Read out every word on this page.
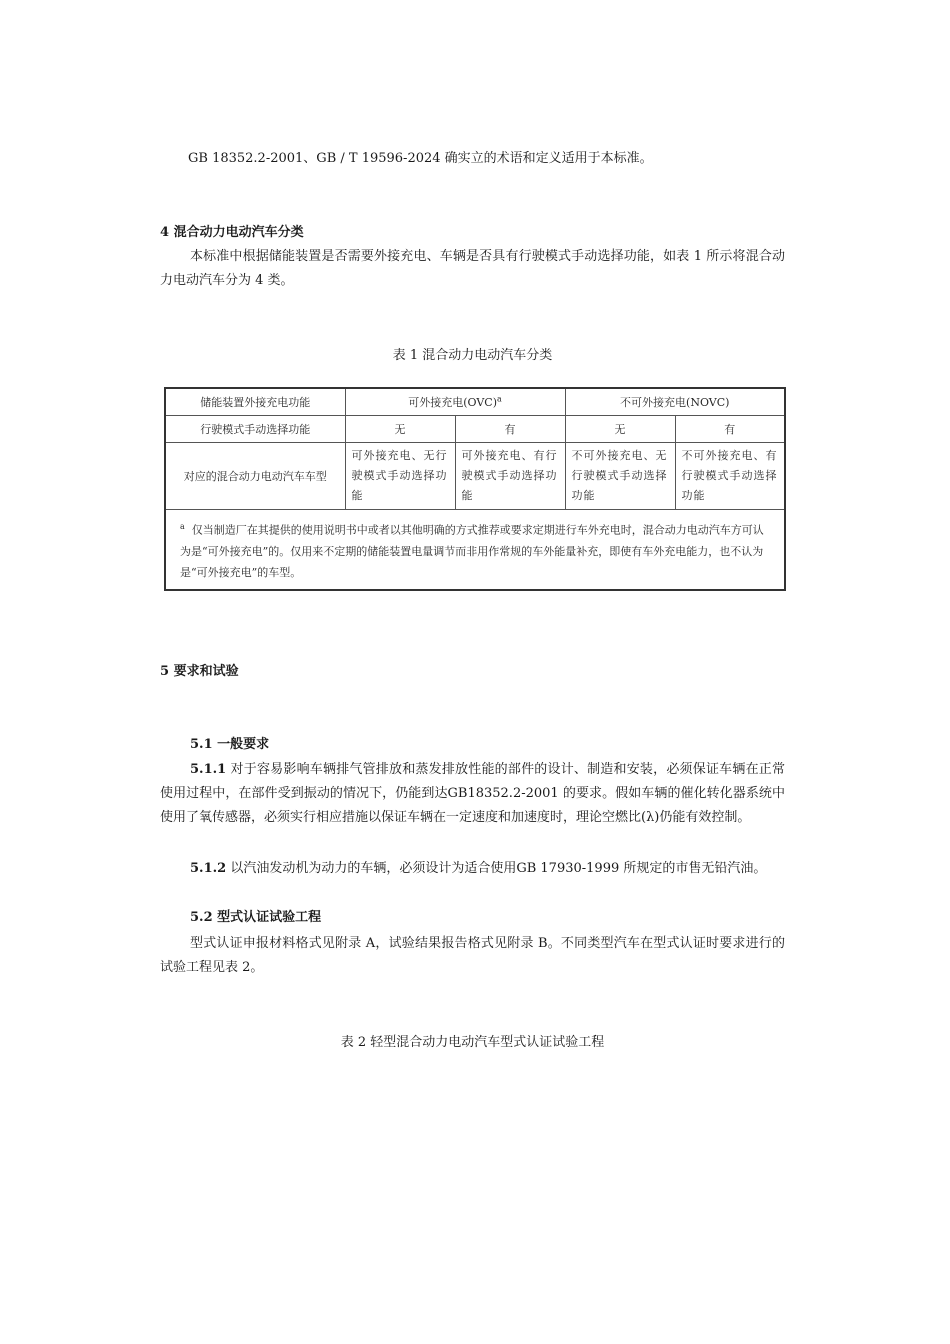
GB 18352.2-2001、GB / T 19596-2024 确实立的术语和定义适用于本标准。
4 混合动力电动汽车分类
本标准中根据储能装置是否需要外接充电、车辆是否具有行驶模式手动选择功能，如表 1 所示将混合动力电动汽车分为 4 类。
表 1 混合动力电动汽车分类
储能装置外接充电功能	可外接充电(OVC)$^a$		不可外接充电(NOVC)	
行驶模式手动选择功能	无	有	无	有
对应的混合动力电动汽车车型	可外接充电、无行驶模式手动选择功能	可外接充电、有行驶模式手动选择功能	不可外接充电、无行驶模式手动选择功能	不可外接充电、有行驶模式手动选择功能
$^a$ 仅当制造厂在其提供的使用说明书中或者以其他明确的方式推荐或要求定期进行车外充电时，混合动力电动汽车方可认为是“可外接充电”的。仅用来不定期的储能装置电量调节而非用作常规的车外能量补充，即使有车外充电能力，也不认为是“可外接充电”的车型。				
5 要求和试验
5.1 一般要求
5.1.1 对于容易影响车辆排气管排放和蒸发排放性能的部件的设计、制造和安装，必须保证车辆在正常使用过程中，在部件受到振动的情况下，仍能到达GB18352.2-2001 的要求。假如车辆的催化转化器系统中使用了氧传感器，必须实行相应措施以保证车辆在一定速度和加速度时，理论空燃比(λ)仍能有效控制。
5.1.2 以汽油发动机为动力的车辆，必须设计为适合使用GB 17930-1999 所规定的市售无铅汽油。
5.2 型式认证试验工程
型式认证申报材料格式见附录 A，试验结果报告格式见附录 B。不同类型汽车在型式认证时要求进行的试验工程见表 2。
表 2 轻型混合动力电动汽车型式认证试验工程
